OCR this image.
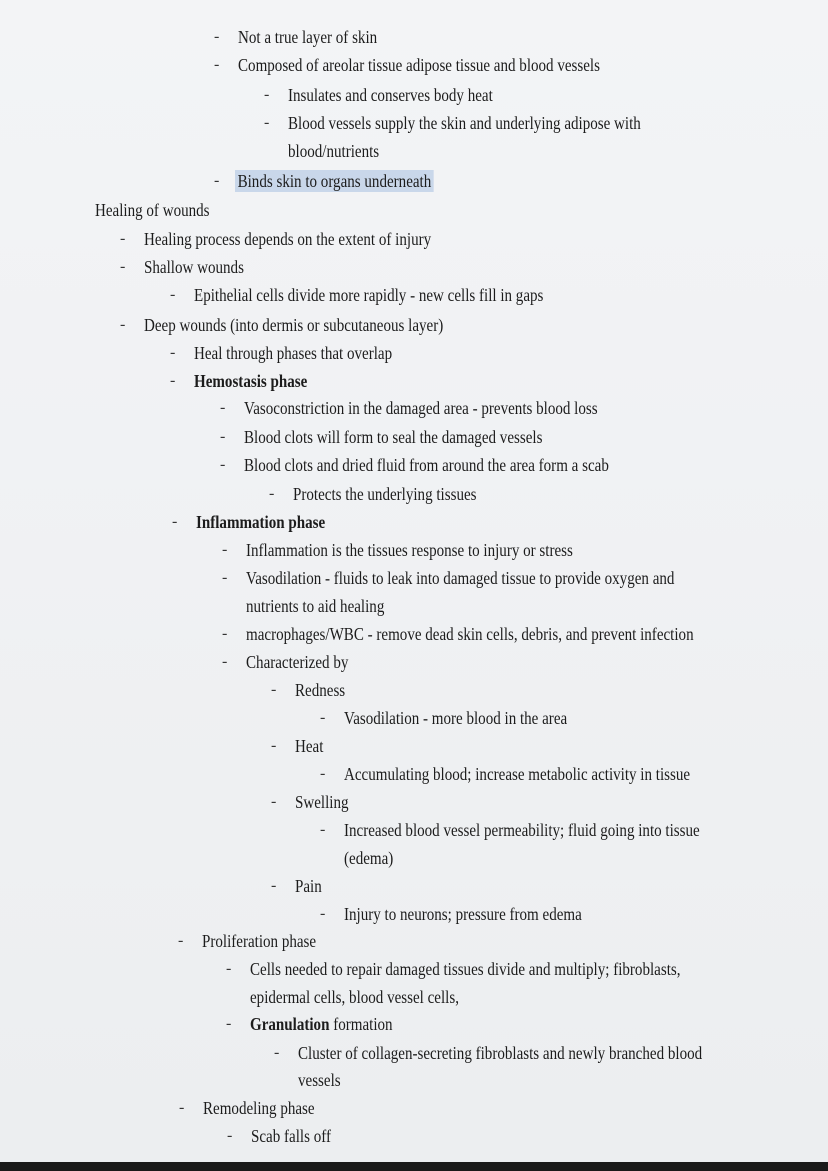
- Not a true layer of skin
- Composed of areolar tissue adipose tissue and blood vessels
- Insulates and conserves body heat
- Blood vessels supply the skin and underlying adipose with
blood/nutrients
- Binds skin to organs underneath
Healing of wounds
- Healing process depends on the extent of injury
- Shallow wounds
- Epithelial cells divide more rapidly - new cells fill in gaps
- Deep wounds (into dermis or subcutaneous layer)
- Heal through phases that overlap
- Hemostasis phase
- Vasoconstriction in the damaged area - prevents blood loss
- Blood clots will form to seal the damaged vessels
- Blood clots and dried fluid from around the area form a scab
- Protects the underlying tissues
- Inflammation phase
- Inflammation is the tissues response to injury or stress
- Vasodilation - fluids to leak into damaged tissue to provide oxygen and
nutrients to aid healing
- macrophages/WBC - remove dead skin cells, debris, and prevent infection
- Characterized by
- Redness
- Vasodilation - more blood in the area
- Heat
- Accumulating blood; increase metabolic activity in tissue
- Swelling
- Increased blood vessel permeability; fluid going into tissue
(edema)
- Pain
- Injury to neurons; pressure from edema
- Proliferation phase
- Cells needed to repair damaged tissues divide and multiply; fibroblasts,
epidermal cells, blood vessel cells,
- Granulation formation
- Cluster of collagen-secreting fibroblasts and newly branched blood
vessels
- Remodeling phase
- Scab falls off
